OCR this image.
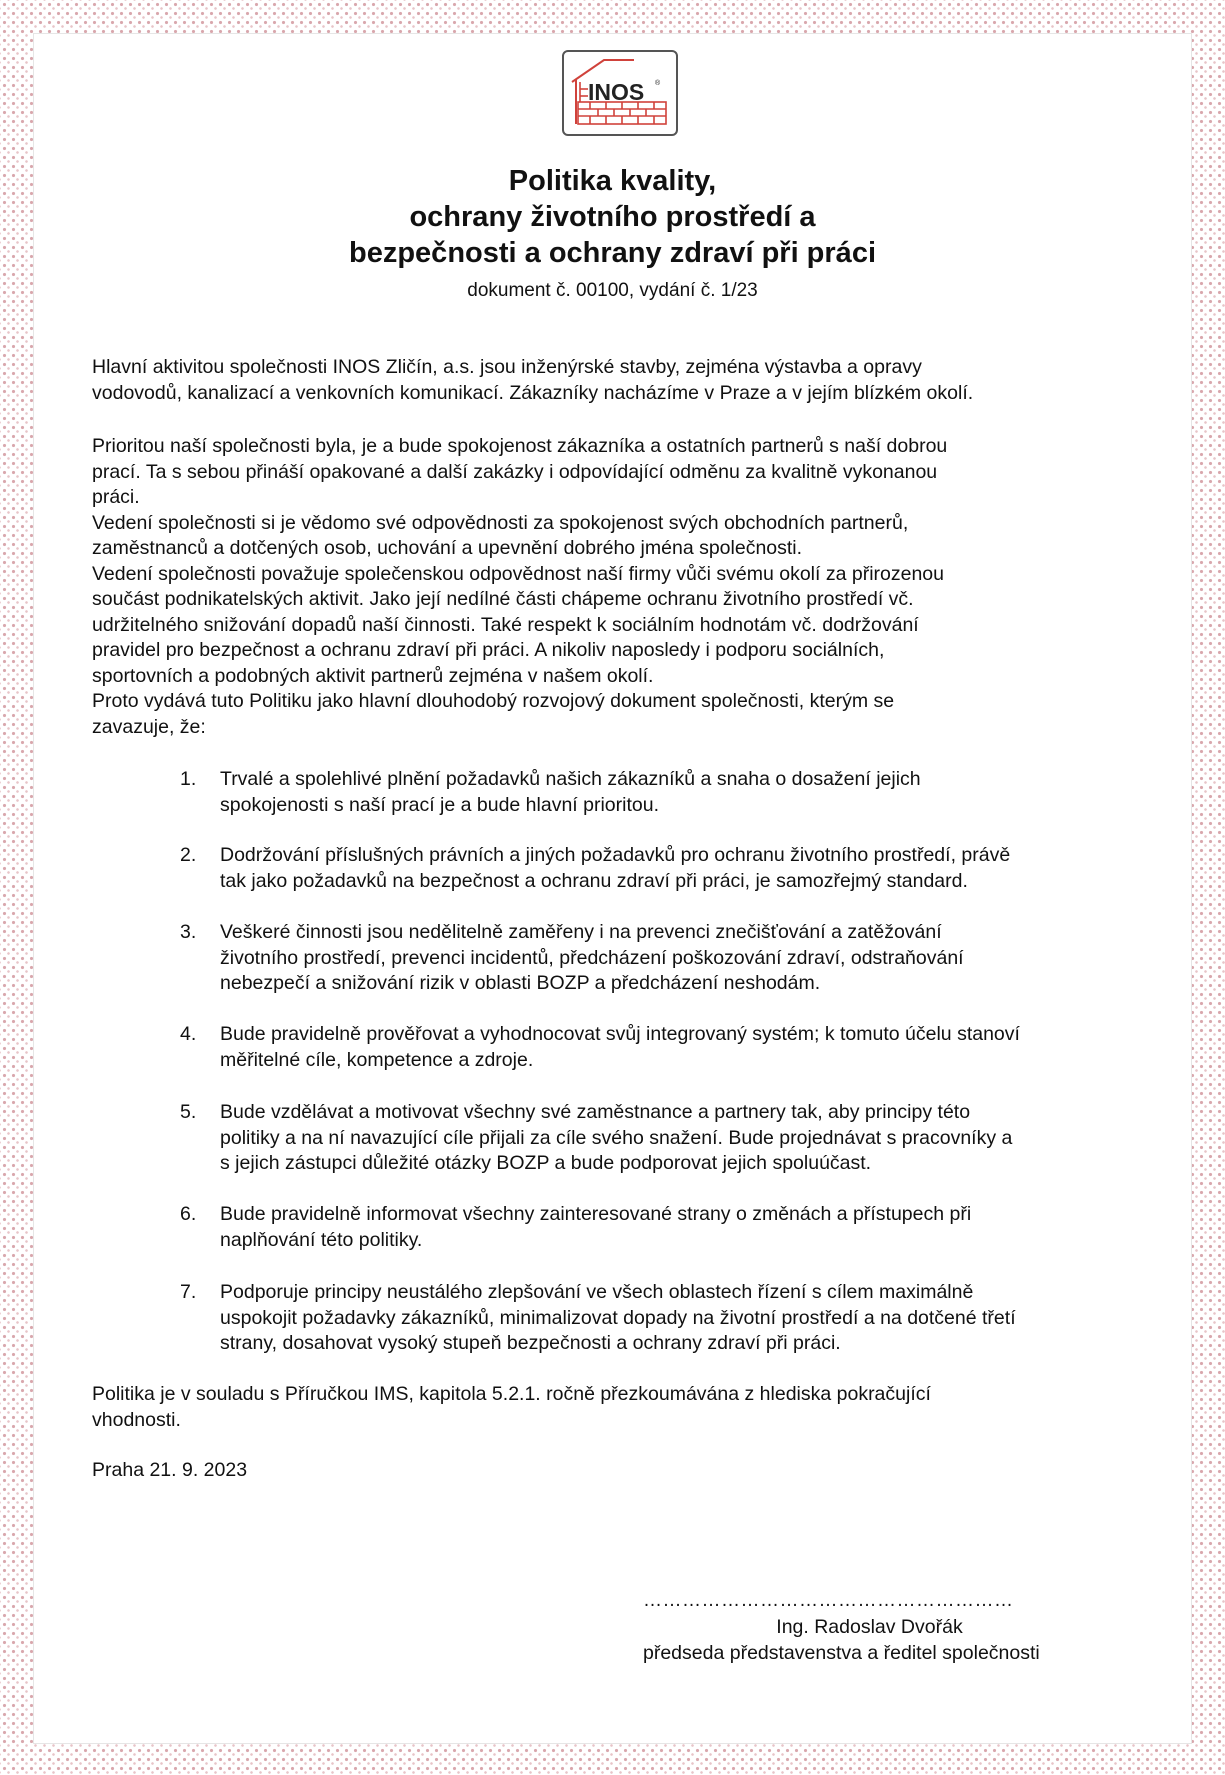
INOS ®
Politika kvality,
ochrany životního prostředí a
bezpečnosti a ochrany zdraví při práci
dokument č. 00100, vydání č. 1/23
Hlavní aktivitou společnosti INOS Zličín, a.s. jsou inženýrské stavby, zejména výstavba a opravy
vodovodů, kanalizací a venkovních komunikací. Zákazníky nacházíme v Praze a v jejím blízkém okolí.
Prioritou naší společnosti byla, je a bude spokojenost zákazníka a ostatních partnerů s naší dobrou
prací. Ta s sebou přináší opakované a další zakázky i odpovídající odměnu za kvalitně vykonanou
práci.
Vedení společnosti si je vědomo své odpovědnosti za spokojenost svých obchodních partnerů,
zaměstnanců a dotčených osob, uchování a upevnění dobrého jména společnosti.
Vedení společnosti považuje společenskou odpovědnost naší firmy vůči svému okolí za přirozenou
součást podnikatelských aktivit. Jako její nedílné části chápeme ochranu životního prostředí vč.
udržitelného snižování dopadů naší činnosti. Také respekt k sociálním hodnotám vč. dodržování
pravidel pro bezpečnost a ochranu zdraví při práci. A nikoliv naposledy i podporu sociálních,
sportovních a podobných aktivit partnerů zejména v našem okolí.
Proto vydává tuto Politiku jako hlavní dlouhodobý rozvojový dokument společnosti, kterým se
zavazuje, že:
1. Trvalé a spolehlivé plnění požadavků našich zákazníků a snaha o dosažení jejich
spokojenosti s naší prací je a bude hlavní prioritou.
2. Dodržování příslušných právních a jiných požadavků pro ochranu životního prostředí, právě
tak jako požadavků na bezpečnost a ochranu zdraví při práci, je samozřejmý standard.
3. Veškeré činnosti jsou nedělitelně zaměřeny i na prevenci znečišťování a zatěžování
životního prostředí, prevenci incidentů, předcházení poškozování zdraví, odstraňování
nebezpečí a snižování rizik v oblasti BOZP a předcházení neshodám.
4. Bude pravidelně prověřovat a vyhodnocovat svůj integrovaný systém; k tomuto účelu stanoví
měřitelné cíle, kompetence a zdroje.
5. Bude vzdělávat a motivovat všechny své zaměstnance a partnery tak, aby principy této
politiky a na ní navazující cíle přijali za cíle svého snažení. Bude projednávat s pracovníky a
s jejich zástupci důležité otázky BOZP a bude podporovat jejich spoluúčast.
6. Bude pravidelně informovat všechny zainteresované strany o změnách a přístupech při
naplňování této politiky.
7. Podporuje principy neustálého zlepšování ve všech oblastech řízení s cílem maximálně
uspokojit požadavky zákazníků, minimalizovat dopady na životní prostředí a na dotčené třetí
strany, dosahovat vysoký stupeň bezpečnosti a ochrany zdraví při práci.
Politika je v souladu s Příručkou IMS, kapitola 5.2.1. ročně přezkoumávána z hlediska pokračující
vhodnosti.
Praha 21. 9. 2023
…………………………………………………
Ing. Radoslav Dvořák
předseda představenstva a ředitel společnosti
